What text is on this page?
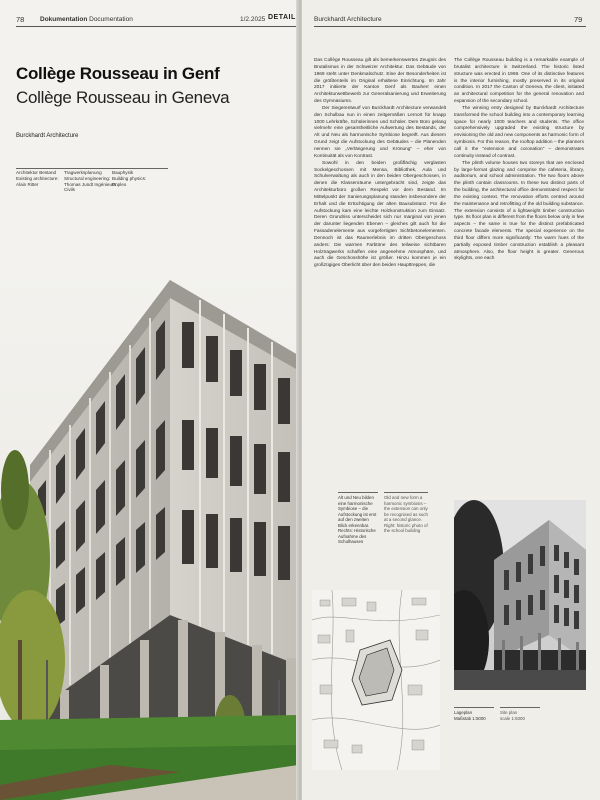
78 Dokumentation Documentation	1/2.2025 DETAIL
Collège Rousseau in Genf
Collège Rousseau in Geneva
Burckhardt Architecture
Architektur Bestand
Existing architecture:
Alain Ritter
Tragwerksplanung
Structural engineering:
Thomas Jundt Ingénieurs Civils
Bauphysik
Building physics:
Enpleo
Burckhardt Architecture	79

Das Collège Rousseau gilt als bemerkenswertes Zeugnis des Brutalismus in der Schweizer Architektur. Das Gebäude von 1969 steht unter Denkmalschutz. Eine der Besonderheiten ist die größtenteils im Original erhaltene Einrichtung. Im Jahr 2017 initiierte der Kanton Genf als Bauherr einen Architekturwettbewerb zur Generalsanierung und Erweiterung des Gymnasiums.

Der Siegerentwurf von Burckhardt Architecture verwandelt den Schulbau nun in einen zeitgemäßen Lernort für knapp 1000 Lehrkräfte, Schülerinnen und Schüler. Dem Büro gelang vielmehr eine gesamtheitliche Aufwertung des Bestands, der Alt und Neu als harmonische Symbiose begreift. Aus diesem Grund zeigt die Aufstockung des Gebäudes – die Planenden nennen sie „Verlängerung und Krönung" – eher von Kontinuität als von Kontrast.

Sowohl in den beiden großflächig verglasten Sockelgeschossen mit Mensa, Bibliothek, Aula und Schulverwaltung als auch in den beiden Obergeschossen, in denen die Klassenräume untergebracht sind, zeigte das Architekturbüro großen Respekt vor dem Bestand. Im Mittelpunkt der Sanierungsplanung standen insbesondere der Erhalt und die Ertüchtigung der alten Bausubstanz. Für die Aufstockung kam eine leichte Holzkonstruktion zum Einsatz. Deren Grundriss unterscheidet sich nur marginal von jenen der darunter liegenden Ebenen – gleiches gilt auch für die Fassadenelemente aus vorgefertigten Sichtbetonelementen. Dennoch ist das Raumerlebnis im dritten Obergeschoss anders: Die warmen Farbtöne des teilweise sichtbaren Holztragwerks schaffen eine angenehme Atmosphäre, und auch die Geschosshöhe ist größer. Hinzu kommen je ein großzügiges Oberlicht über den beiden Haupttreppen, die

The Collège Rousseau building is a remarkable example of brutalist architecture in Switzerland. The historic listed structure was erected in 1969. One of its distinctive features is the interior furnishing, mostly preserved in its original condition. In 2017 the Canton of Geneva, the client, initiated an architectural competition for the general renovation and expansion of the secondary school.

The winning entry designed by Burckhardt Architecture transformed the school building into a contemporary learning space for nearly 1000 teachers and students. The office comprehensively upgraded the existing structure by envisioning the old and new components as harmonic form of symbiosis. For this reason, the rooftop addition – the planners call it the "extension and coronation" – demonstrates continuity instead of contrast.

The plinth volume houses two storeys that are enclosed by large-format glazing and comprise the cafeteria, library, auditorium, and school administration. The two floors above the plinth contain classrooms. In these two distinct parts of the building, the architectural office demonstrated respect for the existing context. The renovation efforts centred around the maintenance and retrofitting of the old building substance. The extension consists of a lightweight timber construction type. Its floor plan is different from the floors below only in few aspects – the same is true for the distinct prefabricated concrete facade elements. The special experience on the third floor differs more significantly: The warm hues of the partially exposed timber construction establish a pleasant atmosphere. Also, the floor height is greater. Generous skylights, one each

Alt und Neu bilden eine harmonische Symbiose – die Aufstockung ist erst auf den zweiten Blick erkennbar. Rechts: Historische Aufnahme des Schulhauses
Old and new form a harmonic symbiosis – the extension can only be recognised as such at a second glance. Right: historic photo of the school building
Lageplan
Maßstab 1:5000
Site plan
scale 1:5000
